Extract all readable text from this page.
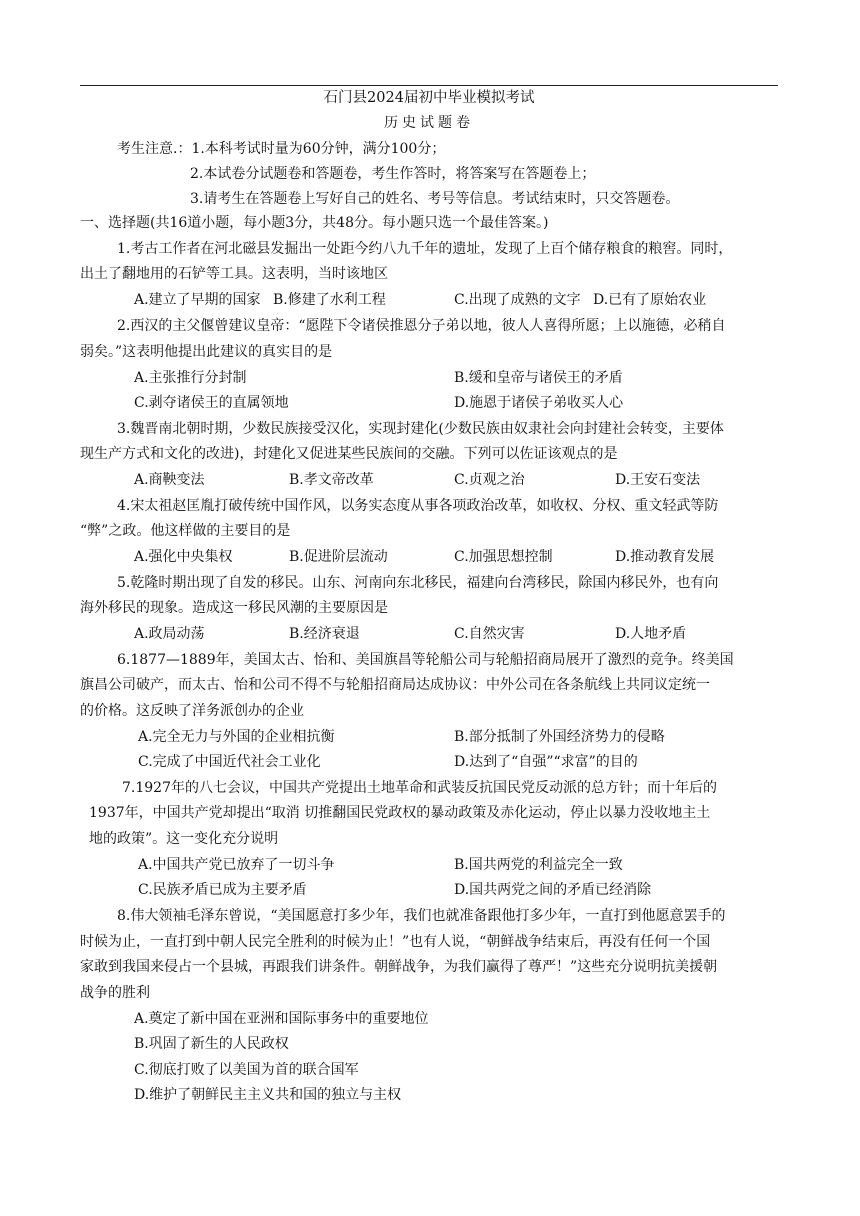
石门县2024届初中毕业模拟考试
历史试题卷
考生注意.：1.本科考试时量为60分钟，满分100分；
2.本试卷分试题卷和答题卷，考生作答时，将答案写在答题卷上；
3.请考生在答题卷上写好自己的姓名、考号等信息。考试结束时，只交答题卷。
一、选择题(共16道小题，每小题3分，共48分。每小题只选一个最佳答案。)
1.考古工作者在河北磁县发掘出一处距今约八九千年的遗址，发现了上百个储存粮食的粮窖。同时，
出土了翻地用的石铲等工具。这表明，当时该地区
A.建立了早期的国家 B.修建了水利工程	C.出现了成熟的文字 D.已有了原始农业
2.西汉的主父偃曾建议皇帝：“愿陛下令诸侯推恩分子弟以地，彼人人喜得所愿；上以施德，必稍自
弱矣。”这表明他提出此建议的真实目的是
A.主张推行分封制	B.缓和皇帝与诸侯王的矛盾
C.剥夺诸侯王的直属领地	D.施恩于诸侯子弟收买人心
3.魏晋南北朝时期，少数民族接受汉化，实现封建化(少数民族由奴隶社会向封建社会转变，主要体
现生产方式和文化的改进)，封建化又促进某些民族间的交融。下列可以佐证该观点的是
A.商鞅变法	B.孝文帝改革	C.贞观之治	D.王安石变法
4.宋太祖赵匡胤打破传统中国作风，以务实态度从事各项政治改革，如收权、分权、重文轻武等防
“弊”之政。他这样做的主要目的是
A.强化中央集权	B.促进阶层流动	C.加强思想控制	D.推动教育发展
5.乾隆时期出现了自发的移民。山东、河南向东北移民，福建向台湾移民，除国内移民外，也有向
海外移民的现象。造成这一移民风潮的主要原因是
A.政局动荡	B.经济衰退	C.自然灾害	D.人地矛盾
6.1877—1889年，美国太古、怡和、美国旗昌等轮船公司与轮船招商局展开了激烈的竞争。终美国
旗昌公司破产，而太古、怡和公司不得不与轮船招商局达成协议：中外公司在各条航线上共同议定统一
的价格。这反映了洋务派创办的企业
A.完全无力与外国的企业相抗衡	B.部分抵制了外国经济势力的侵略
C.完成了中国近代社会工业化	D.达到了“自强”“求富”的目的
7.1927年的八七会议，中国共产党提出土地革命和武装反抗国民党反动派的总方针；而十年后的
1937年，中国共产党却提出“取消 切推翻国民党政权的暴动政策及赤化运动，停止以暴力没收地主土
地的政策”。这一变化充分说明
A.中国共产党已放弃了一切斗争	B.国共两党的利益完全一致
C.民族矛盾已成为主要矛盾	D.国共两党之间的矛盾已经消除
8.伟大领袖毛泽东曾说，“美国愿意打多少年，我们也就准备跟他打多少年，一直打到他愿意罢手的
时候为止，一直打到中朝人民完全胜利的时候为止！”也有人说，“朝鲜战争结束后，再没有任何一个国
家敢到我国来侵占一个县城，再跟我们讲条件。朝鲜战争，为我们赢得了尊严！”这些充分说明抗美援朝
战争的胜利
A.奠定了新中国在亚洲和国际事务中的重要地位
B.巩固了新生的人民政权
C.彻底打败了以美国为首的联合国军
D.维护了朝鲜民主主义共和国的独立与主权
